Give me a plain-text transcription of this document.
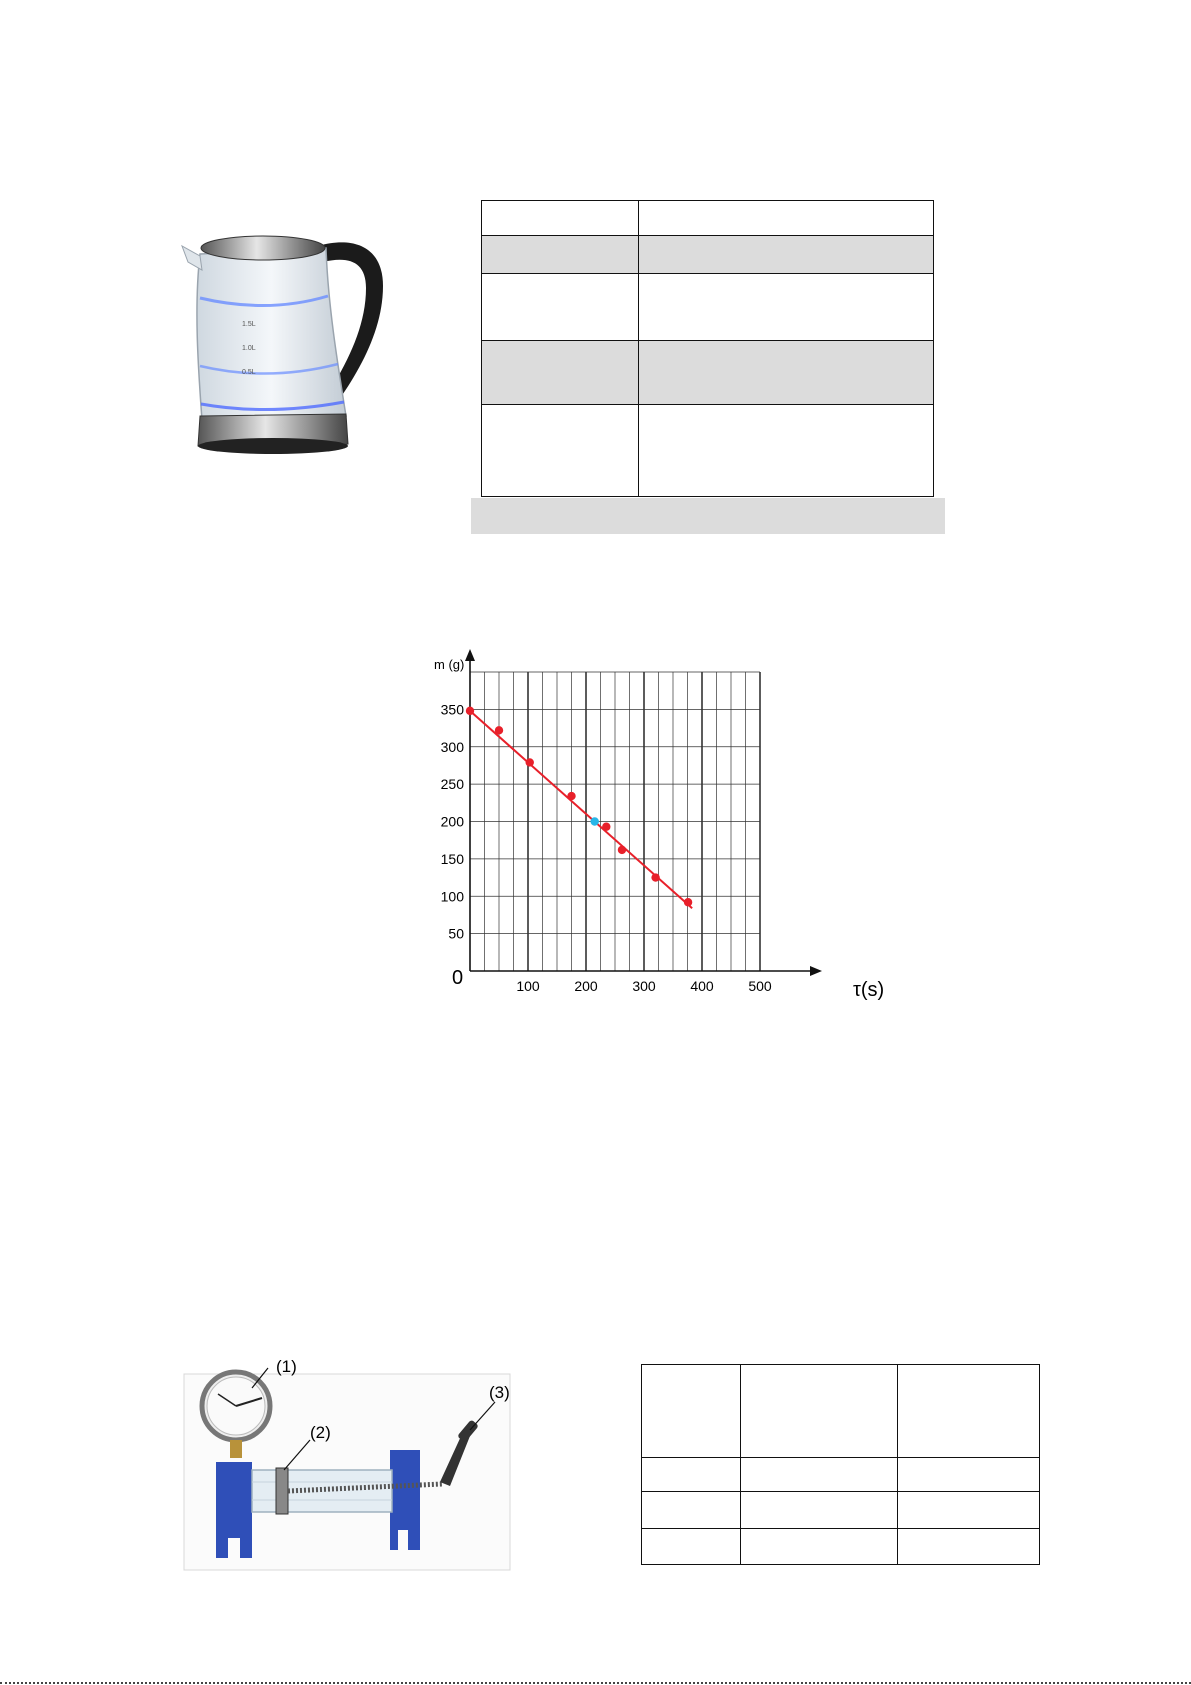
1.5L
1.0L
0.5L

100 200 300 400 500
50
100
150
200
250
300
350
m (g)
τ(s)
0
(1)
(2)
(3)
